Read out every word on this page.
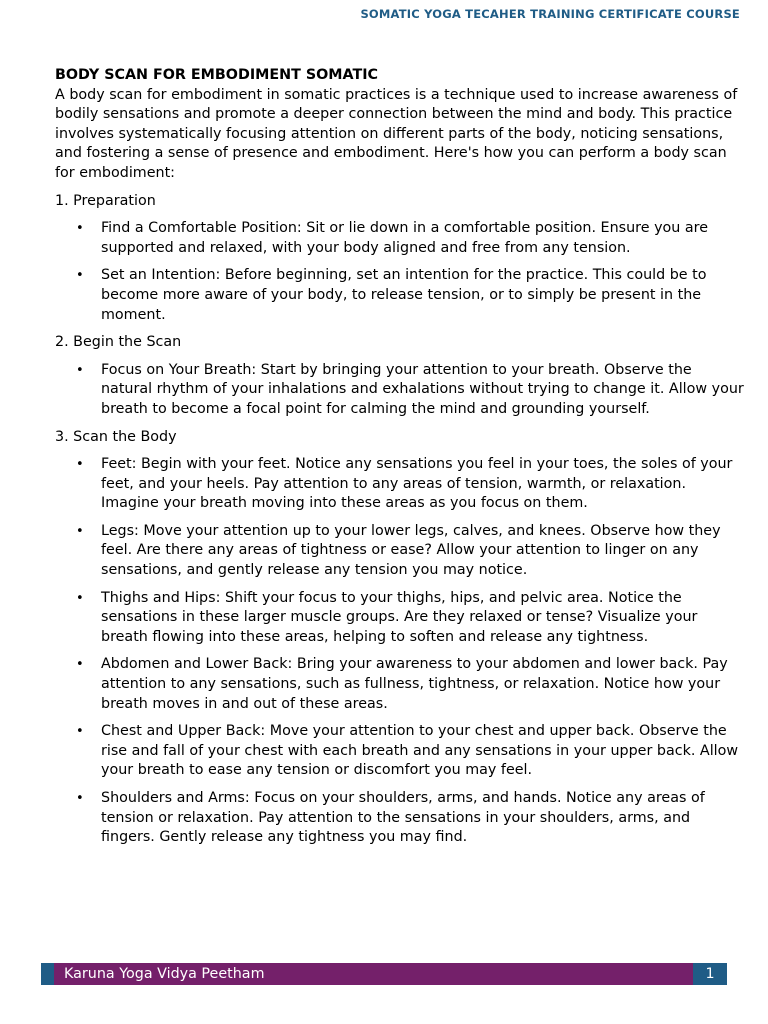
SOMATIC YOGA TECAHER TRAINING CERTIFICATE COURSE

BODY SCAN FOR EMBODIMENT SOMATIC

A body scan for embodiment in somatic practices is a technique used to increase awareness of bodily sensations and promote a deeper connection between the mind and body. This practice involves systematically focusing attention on different parts of the body, noticing sensations, and fostering a sense of presence and embodiment. Here's how you can perform a body scan for embodiment:

1. Preparation

• Find a Comfortable Position: Sit or lie down in a comfortable position. Ensure you are supported and relaxed, with your body aligned and free from any tension.
• Set an Intention: Before beginning, set an intention for the practice. This could be to become more aware of your body, to release tension, or to simply be present in the moment.

2. Begin the Scan

• Focus on Your Breath: Start by bringing your attention to your breath. Observe the natural rhythm of your inhalations and exhalations without trying to change it. Allow your breath to become a focal point for calming the mind and grounding yourself.

3. Scan the Body

• Feet: Begin with your feet. Notice any sensations you feel in your toes, the soles of your feet, and your heels. Pay attention to any areas of tension, warmth, or relaxation. Imagine your breath moving into these areas as you focus on them.
• Legs: Move your attention up to your lower legs, calves, and knees. Observe how they feel. Are there any areas of tightness or ease? Allow your attention to linger on any sensations, and gently release any tension you may notice.
• Thighs and Hips: Shift your focus to your thighs, hips, and pelvic area. Notice the sensations in these larger muscle groups. Are they relaxed or tense? Visualize your breath flowing into these areas, helping to soften and release any tightness.
• Abdomen and Lower Back: Bring your awareness to your abdomen and lower back. Pay attention to any sensations, such as fullness, tightness, or relaxation. Notice how your breath moves in and out of these areas.
• Chest and Upper Back: Move your attention to your chest and upper back. Observe the rise and fall of your chest with each breath and any sensations in your upper back. Allow your breath to ease any tension or discomfort you may feel.
• Shoulders and Arms: Focus on your shoulders, arms, and hands. Notice any areas of tension or relaxation. Pay attention to the sensations in your shoulders, arms, and fingers. Gently release any tightness you may find.
Karuna Yoga Vidya Peetham	1
